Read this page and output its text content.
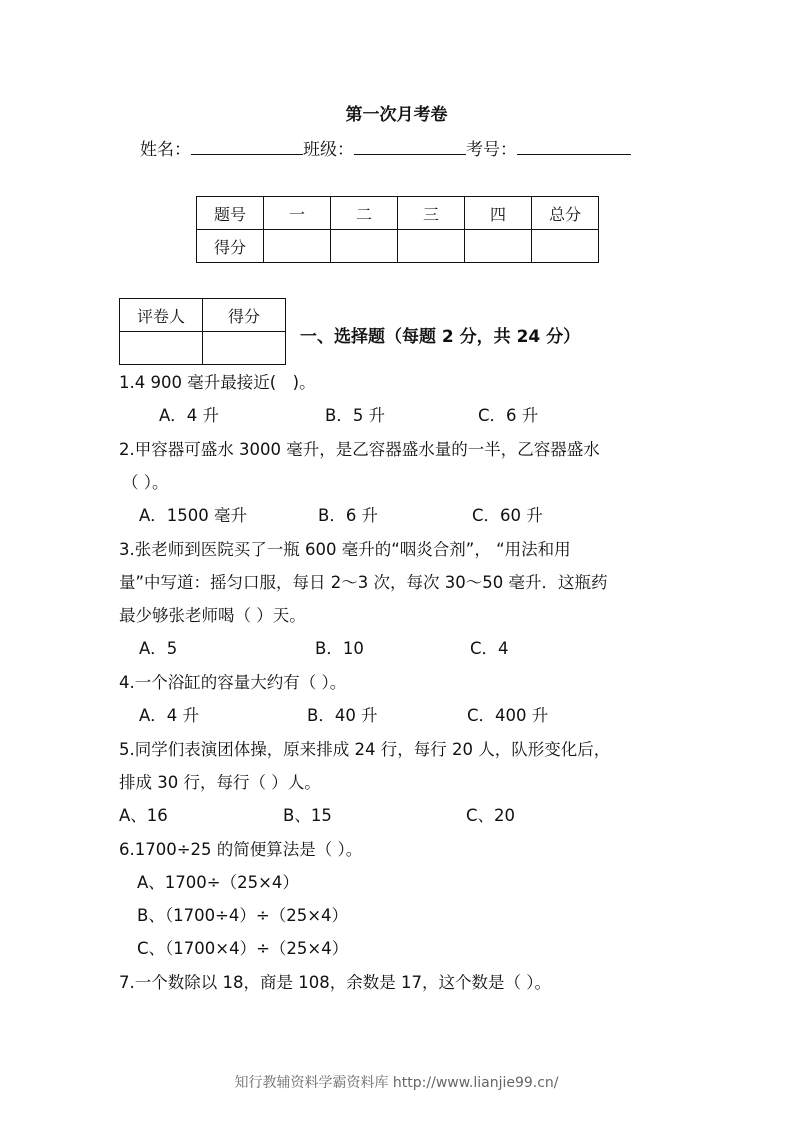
第一次月考卷
姓名：	班级：	考号：
题号	一	二	三	四	总分
得分					
评卷人	得分

一、选择题（每题 2 分，共 24 分）
1.4 900 毫升最接近(　)。
A．4 升	B．5 升	C．6 升
2.甲容器可盛水 3000 毫升，是乙容器盛水量的一半，乙容器盛水
（ ）。
A．1500 毫升	B．6 升	C．60 升
3.张老师到医院买了一瓶 600 毫升的“咽炎合剂”， “用法和用
量”中写道：摇匀口服，每日 2～3 次，每次 30～50 毫升．这瓶药
最少够张老师喝（ ）天。
A．5	B．10	C．4
4.一个浴缸的容量大约有（ ）。
A．4 升	B．40 升	C．400 升
5.同学们表演团体操，原来排成 24 行，每行 20 人，队形变化后，
排成 30 行，每行（ ）人。
A、16	B、15	C、20
6.1700÷25 的简便算法是（ ）。
A、1700÷（25×4）
B、（1700÷4）÷（25×4）
C、（1700×4）÷（25×4）
7.一个数除以 18，商是 108，余数是 17，这个数是（ ）。
知行教辅资料学霸资料库 http://www.lianjie99.cn/
